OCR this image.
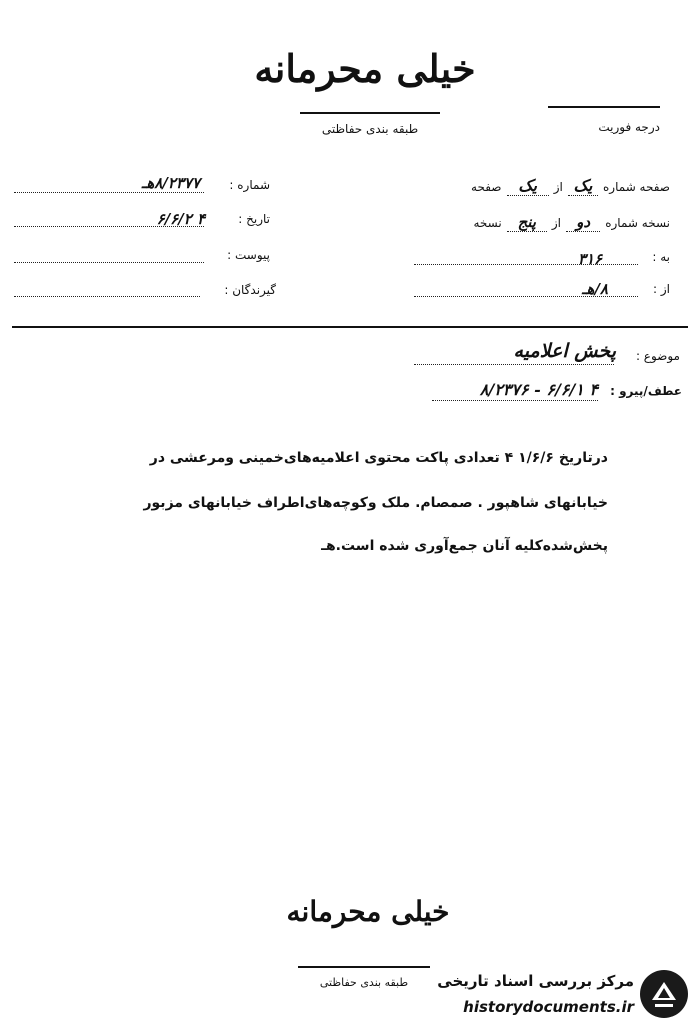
خیلی محرمانه
طبقه بندی حفاظتی	درجه فوریت
شماره :
۸/۲۳۷۷هـ
تاریخ :
۶/۶/۲ ۴
پیوست :
گیرندگان :
صفحه شماره یک از یک صفحه
نسخه شماره دو از پنج نسخه
به :
۳۱۶
از :
۸/هـ
موضوع :
پخش اعلامیه
عطف/پیرو :
۸/۲۳۷۶ - ۶/۶/۱ ۴
درتاریخ ۱/۶/۶ ۴ تعدادی پاکت محتوی اعلامیه‌های‌خمینی ومرعشی در
خیابانهای شاهپور . صمصام. ملک وکوچه‌های‌اطراف خیابانهای مزبور
پخش‌شده‌کلیه آنان جمع‌آوری شده است.هـ
خیلی محرمانه
طبقه بندی حفاظتی	مرکز بررسی اسناد تاریخی
historydocuments.ir
